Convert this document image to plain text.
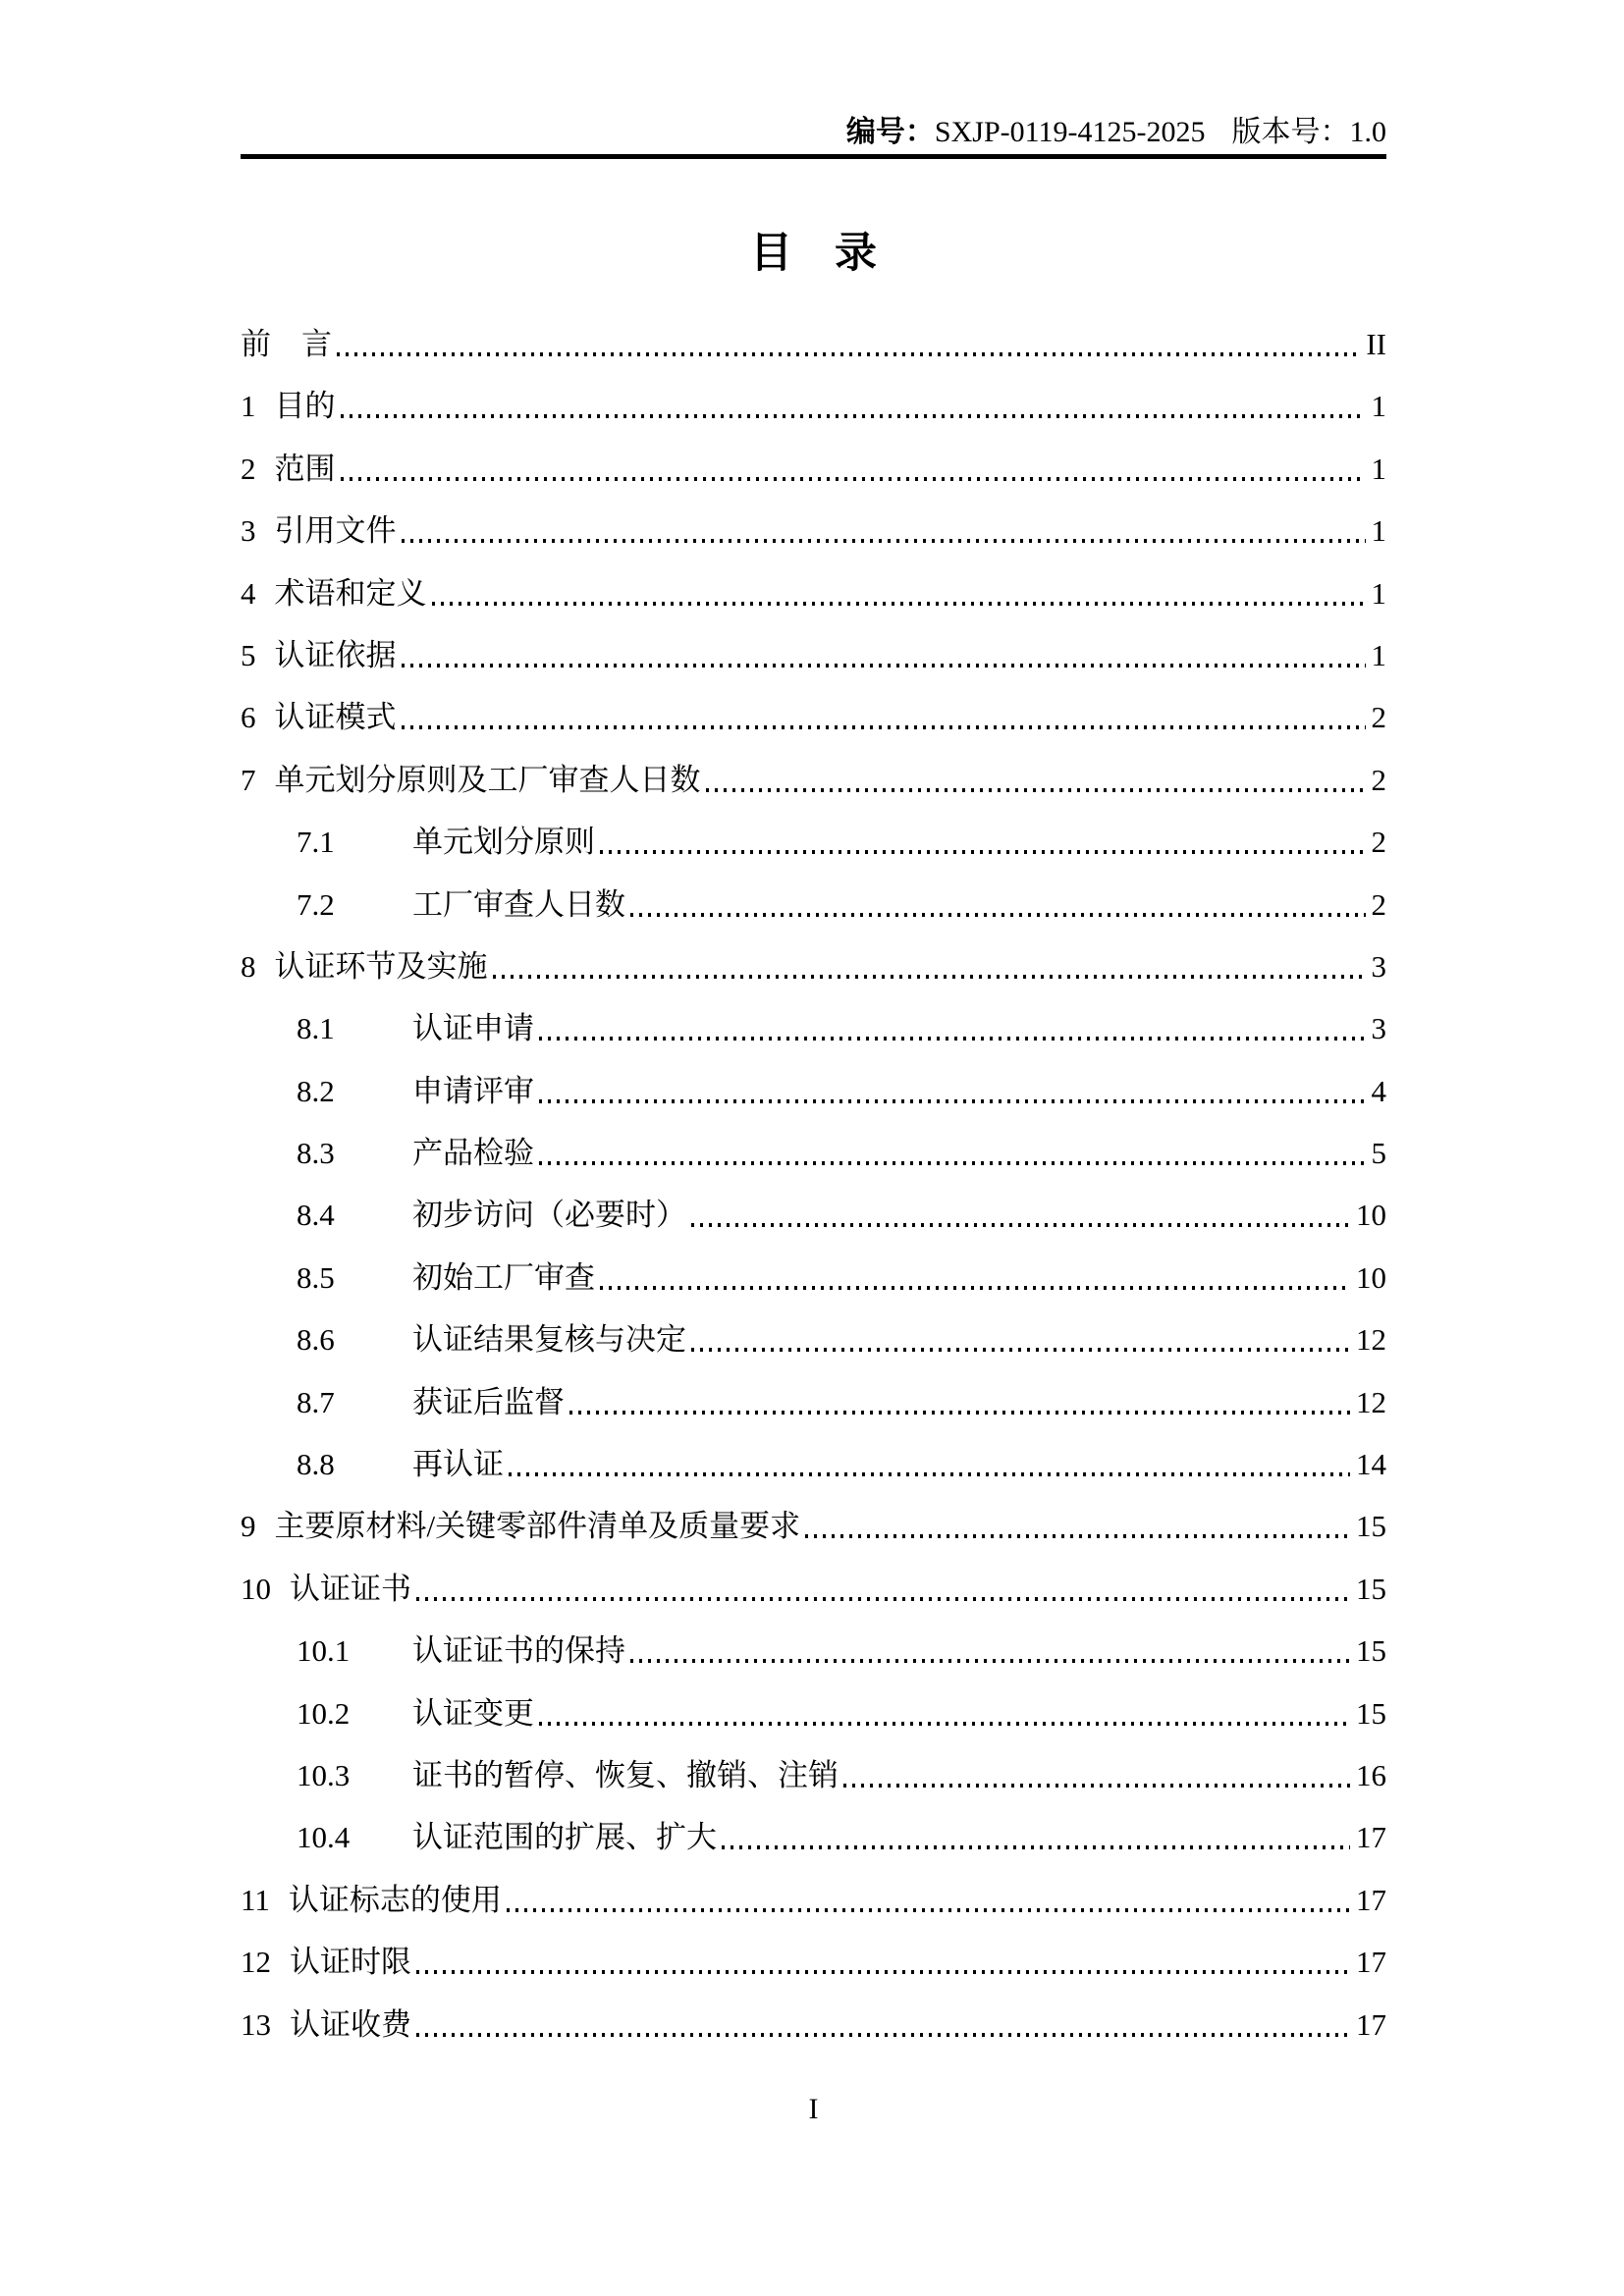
编号：SXJP-0119-4125-2025 版本号：1.0
目　录
前　言	II
1 目的	1
2 范围	1
3 引用文件	1
4 术语和定义	1
5 认证依据	1
6 认证模式	2
7 单元划分原则及工厂审查人日数	2
7.1	单元划分原则	2
7.2	工厂审查人日数	2
8 认证环节及实施	3
8.1	认证申请	3
8.2	申请评审	4
8.3	产品检验	5
8.4	初步访问（必要时）	10
8.5	初始工厂审查	10
8.6	认证结果复核与决定	12
8.7	获证后监督	12
8.8	再认证	14
9 主要原材料/关键零部件清单及质量要求	15
10 认证证书	15
10.1	认证证书的保持	15
10.2	认证变更	15
10.3	证书的暂停、恢复、撤销、注销	16
10.4	认证范围的扩展、扩大	17
11 认证标志的使用	17
12 认证时限	17
13 认证收费	17
I
